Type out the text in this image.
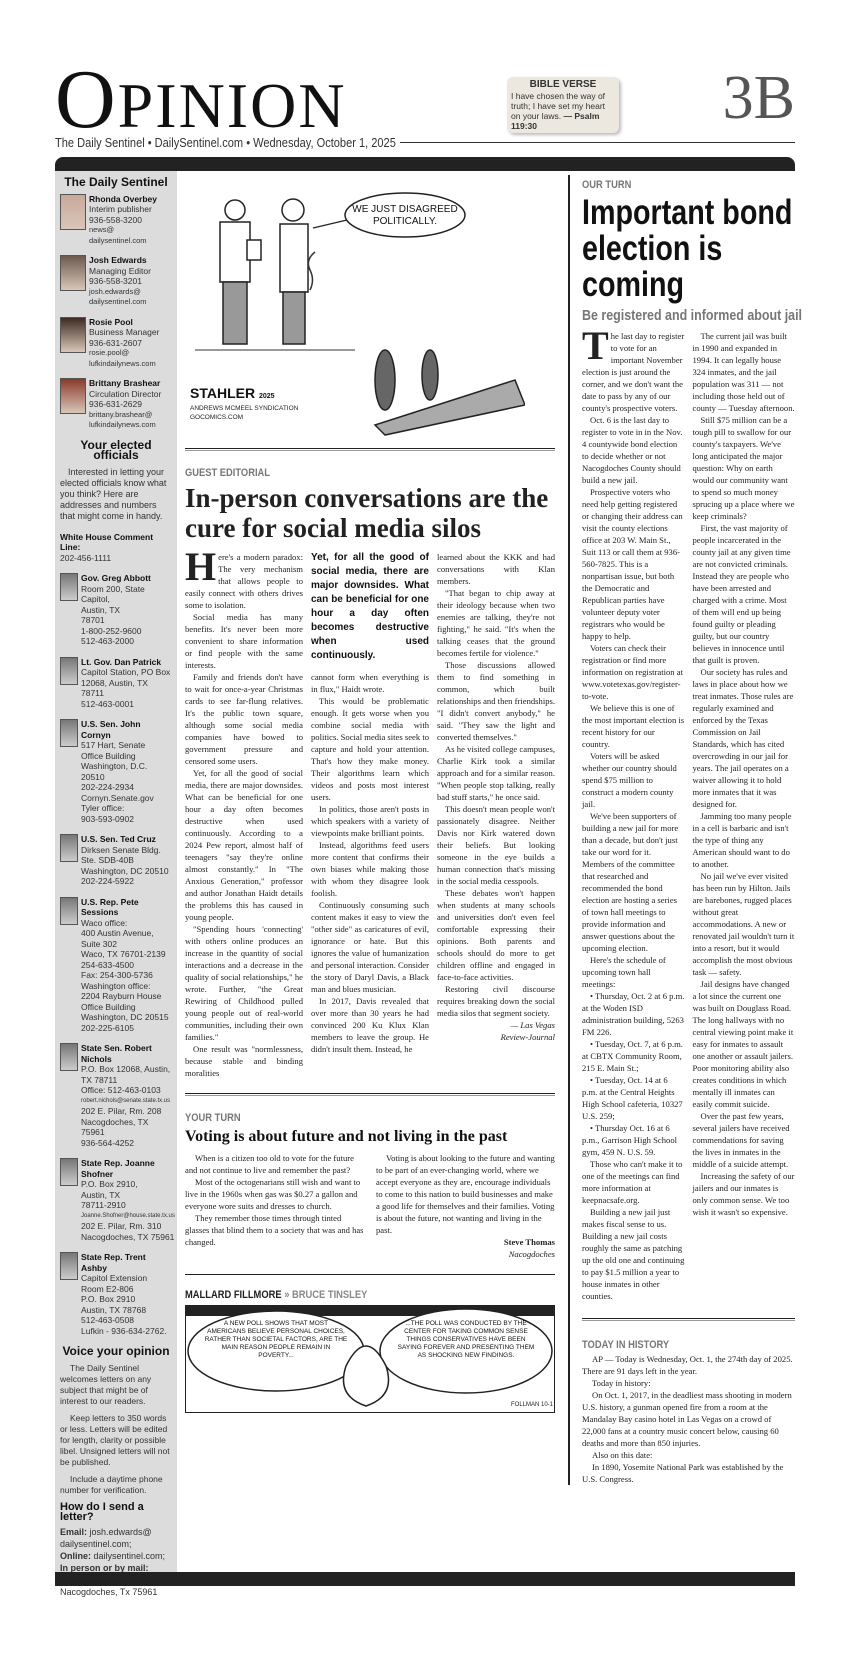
OPINION
The Daily Sentinel • DailySentinel.com • Wednesday, October 1, 2025
BIBLE VERSE
I have chosen the way of truth; I have set my heart on your laws. — Psalm 119:30	3B
The Daily Sentinel
Rhonda Overbey
Interim publisher
936-558-3200
news@
dailysentinel.com
Josh Edwards
Managing Editor
936-558-3201
josh.edwards@
dailysentinel.com
Rosie Pool
Business Manager
936-631-2607
rosie.pool@
lufkindailynews.com
Brittany Brashear
Circulation Director
936-631-2629
brittany.brashear@
lufkindailynews.com
Your elected officials
Interested in letting your elected officials know what you think? Here are addresses and numbers that might come in handy.
White House Comment Line:
202-456-1111
Gov. Greg Abbott
Room 200, State Capitol,
Austin, TX
78701
1-800-252-9600
512-463-2000
Lt. Gov. Dan Patrick
Capitol Station, PO Box
12068, Austin, TX 78711
512-463-0001
U.S. Sen. John Cornyn
517 Hart, Senate
Office Building
Washington, D.C. 20510
202-224-2934
Cornyn.Senate.gov
Tyler office:
903-593-0902
U.S. Sen. Ted Cruz
Dirksen Senate Bldg.
Ste. SDB-40B
Washington, DC 20510
202-224-5922
U.S. Rep. Pete Sessions
Waco office:
400 Austin Avenue,
Suite 302
Waco, TX 76701-2139
254-633-4500
Fax: 254-300-5736
Washington office:
2204 Rayburn House
Office Building
Washington, DC 20515
202-225-6105
State Sen. Robert Nichols
P.O. Box 12068, Austin,
TX 78711
Office: 512-463-0103
robert.nichols@senate.state.tx.us
202 E. Pilar, Rm. 208
Nacogdoches, TX 75961
936-564-4252
State Rep. Joanne Shofner
P.O. Box 2910,
Austin, TX
78711-2910
Joanne.Shofner@house.state.tx.us
202 E. Pilar, Rm. 310
Nacogdoches, TX 75961
State Rep. Trent Ashby
Capitol Extension
Room E2-806
P.O. Box 2910
Austin, TX 78768
512-463-0508
Lufkin - 936-634-2762.
Voice your opinion

The Daily Sentinel welcomes letters on any subject that might be of interest to our readers.

Keep letters to 350 words or less. Letters will be edited for length, clarity or possible libel. Unsigned letters will not be published.

Include a daytime phone number for verification.

How do I send a letter?
Email: josh.edwards@ dailysentinel.com;
Online: dailysentinel.com;
In person or by mail:

Nacogdoches, Tx 75961
WE JUST DISAGREED
POLITICALLY.
STAHLER 2025
ANDREWS MCMEEL SYNDICATION
GOCOMICS.COM
GUEST EDITORIAL
In-person conversations are the cure for social media silos

Here's a modern paradox: The very mechanism that allows people to easily connect with others drives some to isolation.

Social media has many benefits. It's never been more convenient to share information or find people with the same interests.

Family and friends don't have to wait for once-a-year Christmas cards to see far-flung relatives. It's the public town square, although some social media companies have bowed to government pressure and censored some users.

Yet, for all the good of social media, there are major downsides. What can be beneficial for one hour a day often becomes destructive when used continuously. According to a 2024 Pew report, almost half of teenagers "say they're online almost constantly." In "The Anxious Generation," professor and author Jonathan Haidt details the problems this has caused in young people.

"Spending hours 'connecting' with others online produces an increase in the quantity of social interactions and a decrease in the quality of social relationships," he wrote. Further, "the Great Rewiring of Childhood pulled young people out of real-world communities, including their own families."

One result was "normlessness, because stable and binding moralities

Yet, for all the good of social media, there are major downsides. What can be beneficial for one hour a day often becomes destructive when used continuously.

cannot form when everything is in flux," Haidt wrote.

This would be problematic enough. It gets worse when you combine social media with politics. Social media sites seek to capture and hold your attention. That's how they make money. Their algorithms learn which videos and posts most interest users.

In politics, those aren't posts in which speakers with a variety of viewpoints make brilliant points.

Instead, algorithms feed users more content that confirms their own biases while making those with whom they disagree look foolish.

Continuously consuming such content makes it easy to view the "other side" as caricatures of evil, ignorance or hate. But this ignores the value of humanization and personal interaction. Consider the story of Daryl Davis, a Black man and blues musician.

In 2017, Davis revealed that over more than 30 years he had convinced 200 Ku Klux Klan members to leave the group. He didn't insult them. Instead, he

learned about the KKK and had conversations with Klan members.

"That began to chip away at their ideology because when two enemies are talking, they're not fighting," he said. "It's when the talking ceases that the ground becomes fertile for violence."

Those discussions allowed them to find something in common, which built relationships and then friendships. "I didn't convert anybody," he said. "They saw the light and converted themselves."

As he visited college campuses, Charlie Kirk took a similar approach and for a similar reason. "When people stop talking, really bad stuff starts," he once said.

This doesn't mean people won't passionately disagree. Neither Davis nor Kirk watered down their beliefs. But looking someone in the eye builds a human connection that's missing in the social media cesspools.

These debates won't happen when students at many schools and universities don't even feel comfortable expressing their opinions. Both parents and schools should do more to get children offline and engaged in face-to-face activities.

Restoring civil discourse requires breaking down the social media silos that segment society.

— Las Vegas

Review-Journal

YOUR TURN
Voting is about future and not living in the past

When is a citizen too old to vote for the future and not continue to live and remember the past?

Most of the octogenarians still wish and want to live in the 1960s when gas was $0.27 a gallon and everyone wore suits and dresses to church.

They remember those times through tinted glasses that blind them to a society that was and has changed.

Voting is about looking to the future and wanting to be part of an ever-changing world, where we accept everyone as they are, encourage individuals to come to this nation to build businesses and make a good life for themselves and their families. Voting is about the future, not wanting and living in the past.

Steve Thomas
Nacogdoches
MALLARD FILLMORE » BRUCE TINSLEY
A NEW POLL SHOWS THAT MOST AMERICANS BELIEVE PERSONAL CHOICES, RATHER THAN SOCIETAL FACTORS, ARE THE MAIN REASON PEOPLE REMAIN IN POVERTY...
...THE POLL WAS CONDUCTED BY THE CENTER FOR TAKING COMMON SENSE THINGS CONSERVATIVES HAVE BEEN SAYING FOREVER AND PRESENTING THEM AS SHOCKING NEW FINDINGS.
FOLLMAN 10-1
OUR TURN
Important bond election is coming
Be registered and informed about jail

The last day to register to vote for an important November election is just around the corner, and we don't want the date to pass by any of our county's prospective voters.

Oct. 6 is the last day to register to vote in in the Nov. 4 countywide bond election to decide whether or not Nacogdoches County should build a new jail.

Prospective voters who need help getting registered or changing their address can visit the county elections office at 203 W. Main St., Suit 113 or call them at 936-560-7825. This is a nonpartisan issue, but both the Democratic and Republican parties have volunteer deputy voter registrars who would be happy to help.

Voters can check their registration or find more information on registration at www.votetexas.gov/register-to-vote.

We believe this is one of the most important election is recent history for our country.

Voters will be asked whether our country should spend $75 million to construct a modern county jail.

We've been supporters of building a new jail for more than a decade, but don't just take our word for it. Members of the committee that researched and recommended the bond election are hosting a series of town hall meetings to provide information and answer questions about the upcoming election.

Here's the schedule of upcoming town hall meetings:

• Thursday, Oct. 2 at 6 p.m. at the Woden ISD administration building, 5263 FM 226.

• Tuesday, Oct. 7, at 6 p.m. at CBTX Community Room, 215 E. Main St.;

• Tuesday, Oct. 14 at 6 p.m. at the Central Heights High School cafeteria, 10327 U.S. 259;

• Thursday Oct. 16 at 6 p.m., Garrison High School gym, 459 N. U.S. 59.

Those who can't make it to one of the meetings can find more information at keepnacsafe.org.

Building a new jail just makes fiscal sense to us. Building a new jail costs roughly the same as patching up the old one and continuing to pay $1.5 million a year to house inmates in other counties.

The current jail was built in 1990 and expanded in 1994. It can legally house 324 inmates, and the jail population was 311 — not including those held out of county — Tuesday afternoon.

Still $75 million can be a tough pill to swallow for our county's taxpayers. We've long anticipated the major question: Why on earth would our community want to spend so much money sprucing up a place where we keep criminals?

First, the vast majority of people incarcerated in the county jail at any given time are not convicted criminals. Instead they are people who have been arrested and charged with a crime. Most of them will end up being found guilty or pleading guilty, but our country believes in innocence until that guilt is proven.

Our society has rules and laws in place about how we treat inmates. Those rules are regularly examined and enforced by the Texas Commission on Jail Standards, which has cited overcrowding in our jail for years. The jail operates on a waiver allowing it to hold more inmates that it was designed for.

Jamming too many people in a cell is barbaric and isn't the type of thing any American should want to do to another.

No jail we've ever visited has been run by Hilton. Jails are barebones, rugged places without great accommodations. A new or renovated jail wouldn't turn it into a resort, but it would accomplish the most obvious task — safety.

Jail designs have changed a lot since the current one was built on Douglass Road. The long hallways with no central viewing point make it easy for inmates to assault one another or assault jailers. Poor monitoring ability also creates conditions in which mentally ill inmates can easily commit suicide.

Over the past few years, several jailers have received commendations for saving the lives in inmates in the middle of a suicide attempt.

Increasing the safety of our jailers and our inmates is only common sense. We too wish it wasn't so expensive.

TODAY IN HISTORY

AP — Today is Wednesday, Oct. 1, the 274th day of 2025. There are 91 days left in the year.

Today in history:

On Oct. 1, 2017, in the deadliest mass shooting in modern U.S. history, a gunman opened fire from a room at the Mandalay Bay casino hotel in Las Vegas on a crowd of 22,000 fans at a country music concert below, causing 60 deaths and more than 850 injuries.

Also on this date:

In 1890, Yosemite National Park was established by the U.S. Congress.
